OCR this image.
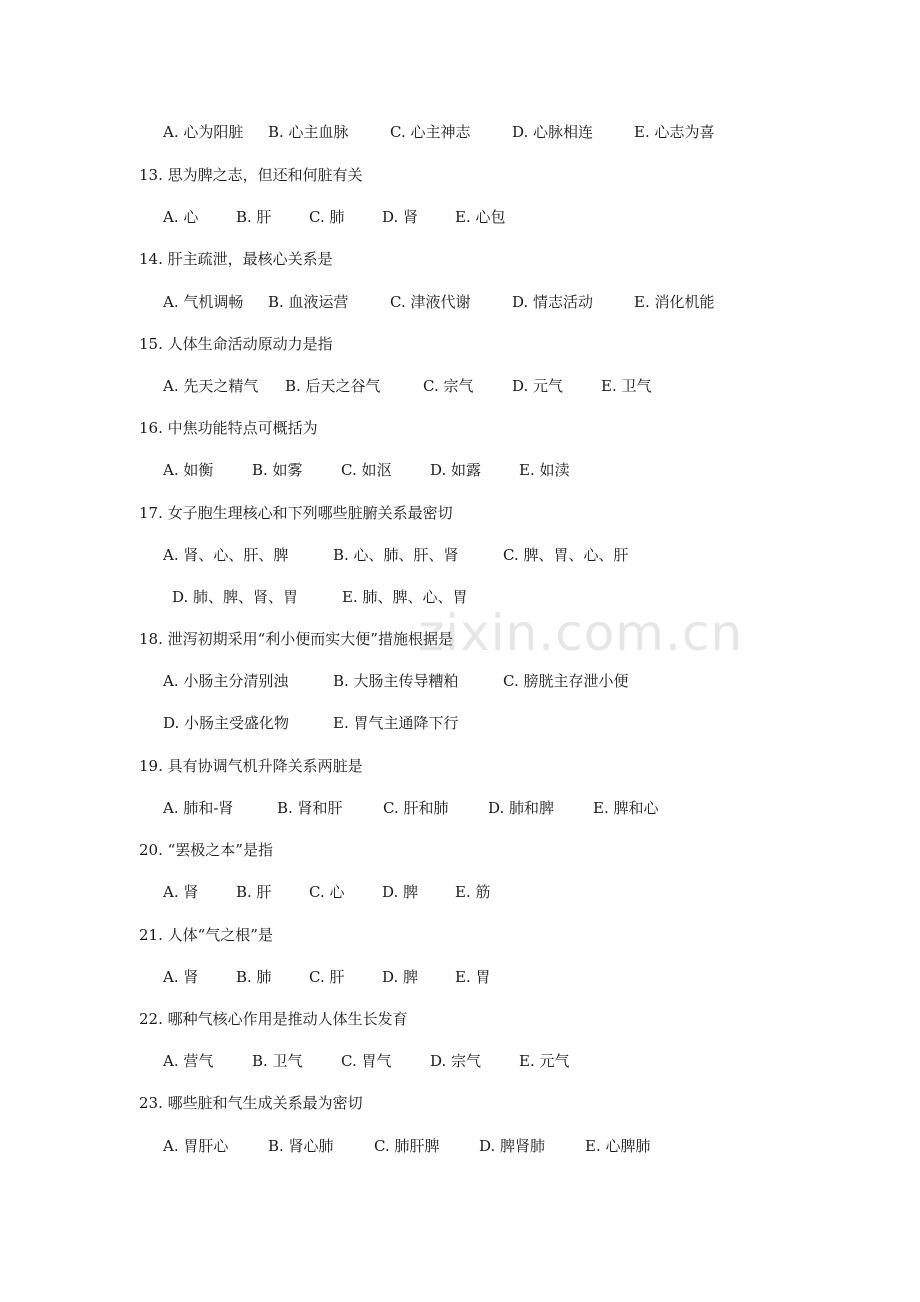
zixin.com.cn
A. 心为阳脏 B. 心主血脉	C. 心主神志	D. 心脉相连	E. 心志为喜
13. 思为脾之志，但还和何脏有关
A. 心	B. 肝 C. 肺	D. 肾 E. 心包
14. 肝主疏泄，最核心关系是
A. 气机调畅 B. 血液运营	C. 津液代谢	D. 情志活动	E. 消化机能
15. 人体生命活动原动力是指
A. 先天之精气 B. 后天之谷气	C. 宗气	D. 元气	E. 卫气
16. 中焦功能特点可概括为
A. 如衡	B. 如雾	C. 如沤	D. 如露	E. 如渎
17. 女子胞生理核心和下列哪些脏腑关系最密切
A. 肾、心、肝、脾	B. 心、肺、肝、肾	C. 脾、胃、心、肝
D. 肺、脾、肾、胃	E. 肺、脾、心、胃
18. 泄泻初期采用“利小便而实大便”措施根据是
A. 小肠主分清别浊	B. 大肠主传导糟粕	C. 膀胱主存泄小便
D. 小肠主受盛化物	E. 胃气主通降下行
19. 具有协调气机升降关系两脏是
A. 肺和-肾	B. 肾和肝	C. 肝和肺	D. 肺和脾	E. 脾和心
20. “罢极之本”是指
A. 肾	B. 肝 C. 心	D. 脾 E. 筋
21. 人体“气之根”是
A. 肾	B. 肺 C. 肝	D. 脾 E. 胃
22. 哪种气核心作用是推动人体生长发育
A. 营气	B. 卫气	C. 胃气	D. 宗气	E. 元气
23. 哪些脏和气生成关系最为密切
A. 胃肝心	B. 肾心肺	C. 肺肝脾	D. 脾肾肺	E. 心脾肺
